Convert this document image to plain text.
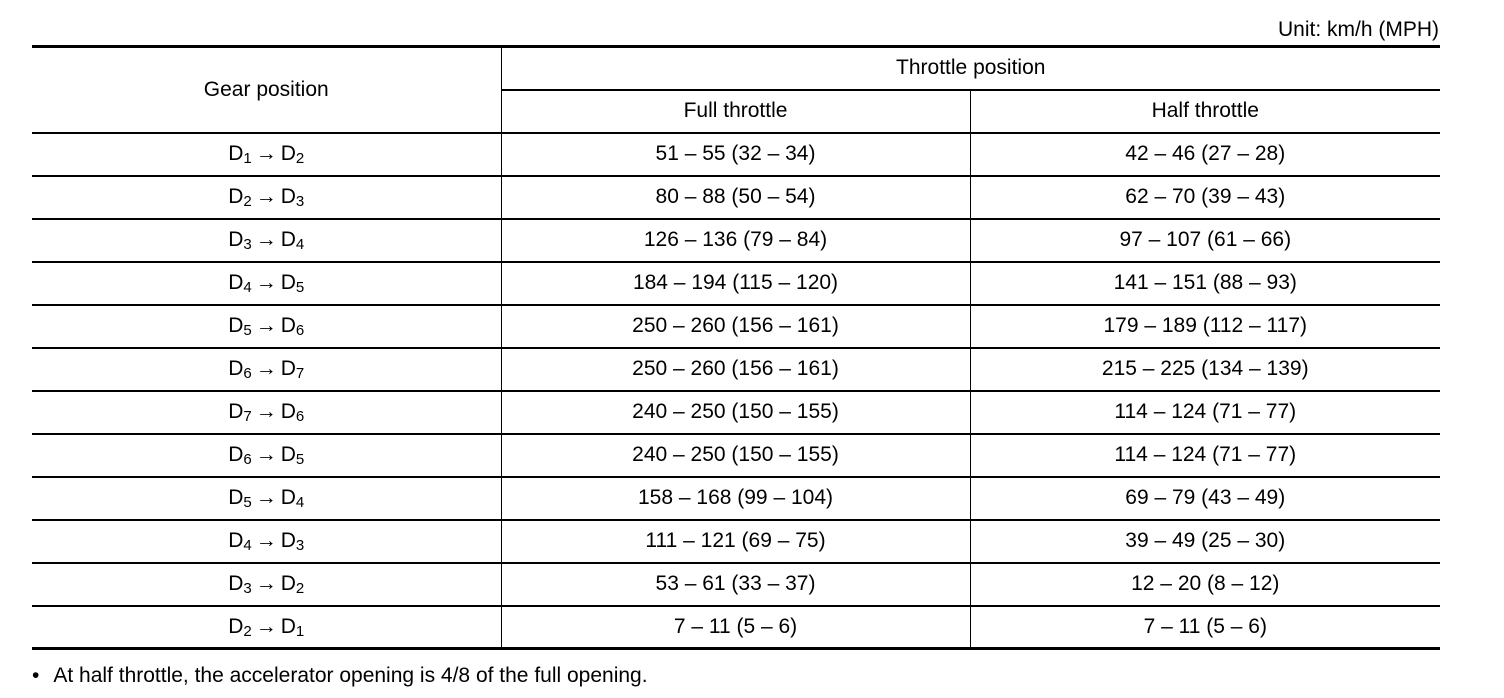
Unit: km/h (MPH)
Gear position	Throttle position	
	Full throttle	Half throttle
D1 → D2	51 – 55 (32 – 34)	42 – 46 (27 – 28)
D2 → D3	80 – 88 (50 – 54)	62 – 70 (39 – 43)
D3 → D4	126 – 136 (79 – 84)	97 – 107 (61 – 66)
D4 → D5	184 – 194 (115 – 120)	141 – 151 (88 – 93)
D5 → D6	250 – 260 (156 – 161)	179 – 189 (112 – 117)
D6 → D7	250 – 260 (156 – 161)	215 – 225 (134 – 139)
D7 → D6	240 – 250 (150 – 155)	114 – 124 (71 – 77)
D6 → D5	240 – 250 (150 – 155)	114 – 124 (71 – 77)
D5 → D4	158 – 168 (99 – 104)	69 – 79 (43 – 49)
D4 → D3	111 – 121 (69 – 75)	39 – 49 (25 – 30)
D3 → D2	53 – 61 (33 – 37)	12 – 20 (8 – 12)
D2 → D1	7 – 11 (5 – 6)	7 – 11 (5 – 6)
• At half throttle, the accelerator opening is 4/8 of the full opening.
